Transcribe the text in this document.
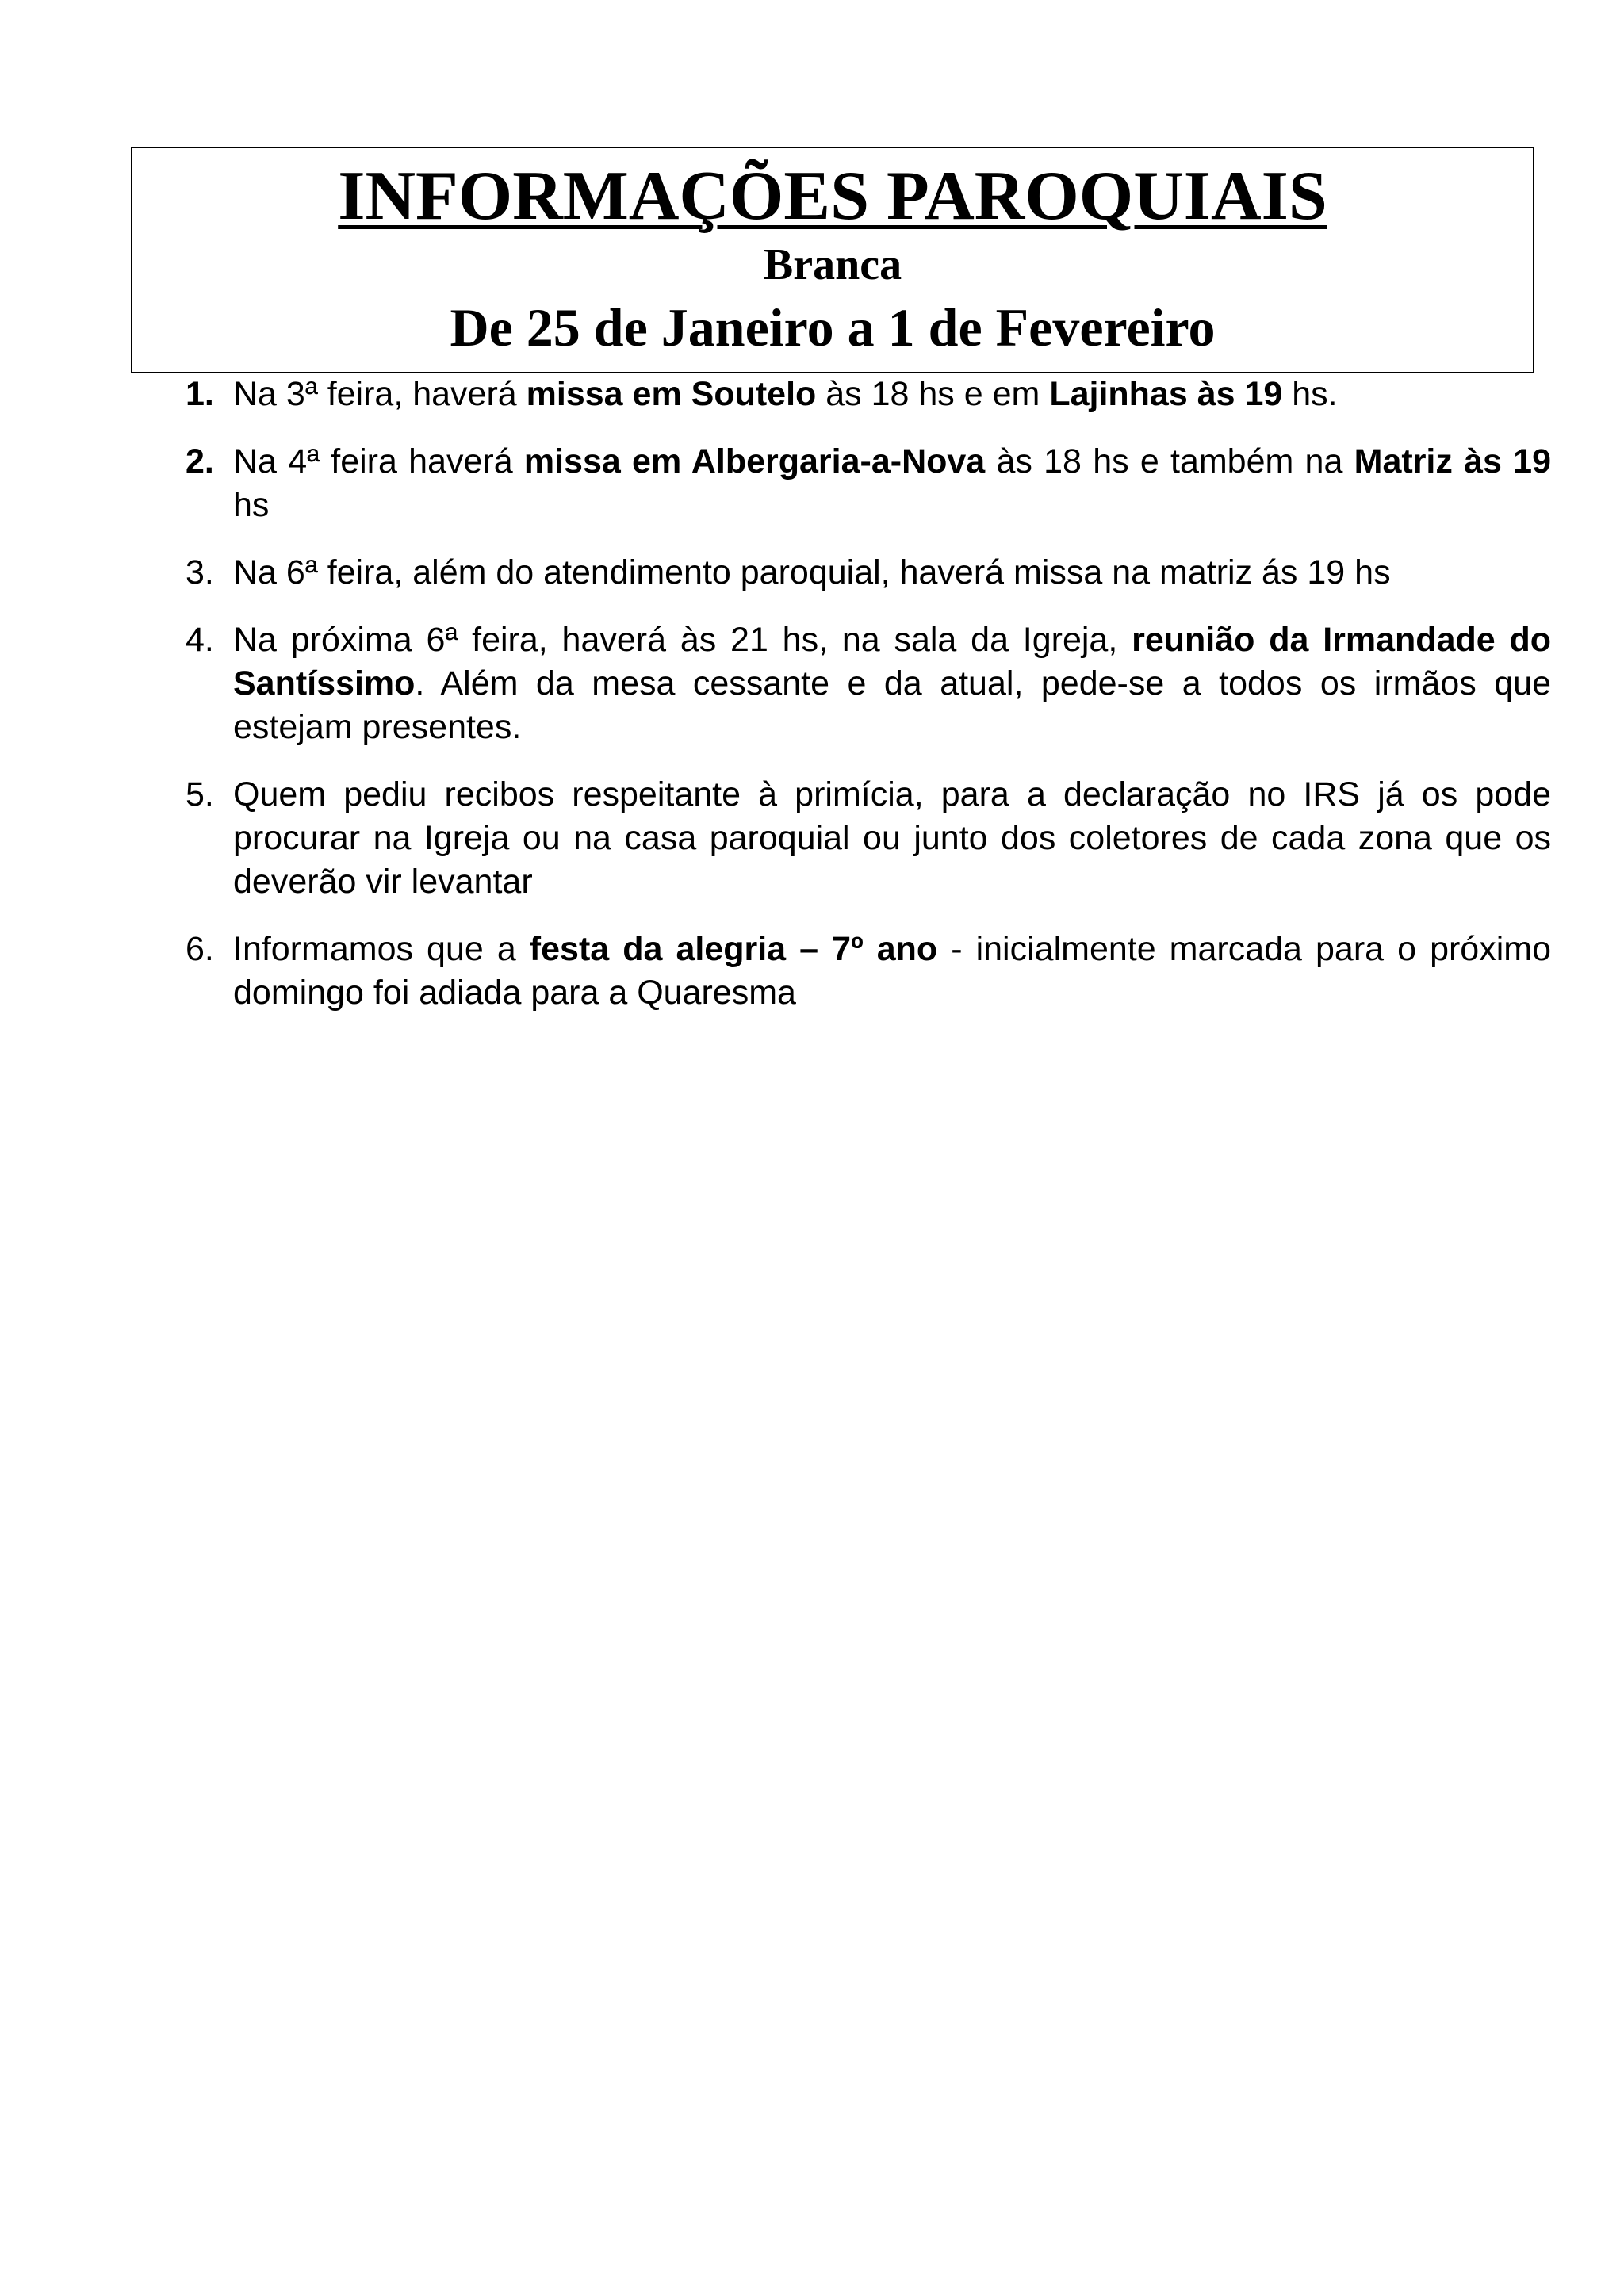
INFORMAÇÕES PAROQUIAIS
Branca
De 25 de Janeiro a 1 de Fevereiro
1. Na 3ª feira, haverá missa em Soutelo às 18 hs e em Lajinhas às 19 hs.
2. Na 4ª feira haverá missa em Albergaria-a-Nova às 18 hs e também na Matriz às 19 hs
3. Na 6ª feira, além do atendimento paroquial, haverá missa na matriz ás 19 hs
4. Na próxima 6ª feira, haverá às 21 hs, na sala da Igreja, reunião da Irmandade do Santíssimo. Além da mesa cessante e da atual, pede-se a todos os irmãos que estejam presentes.
5. Quem pediu recibos respeitante à primícia, para a declaração no IRS já os pode procurar na Igreja ou na casa paroquial ou junto dos coletores de cada zona que os deverão vir levantar
6. Informamos que a festa da alegria – 7º ano - inicialmente marcada para o próximo domingo foi adiada para a Quaresma
